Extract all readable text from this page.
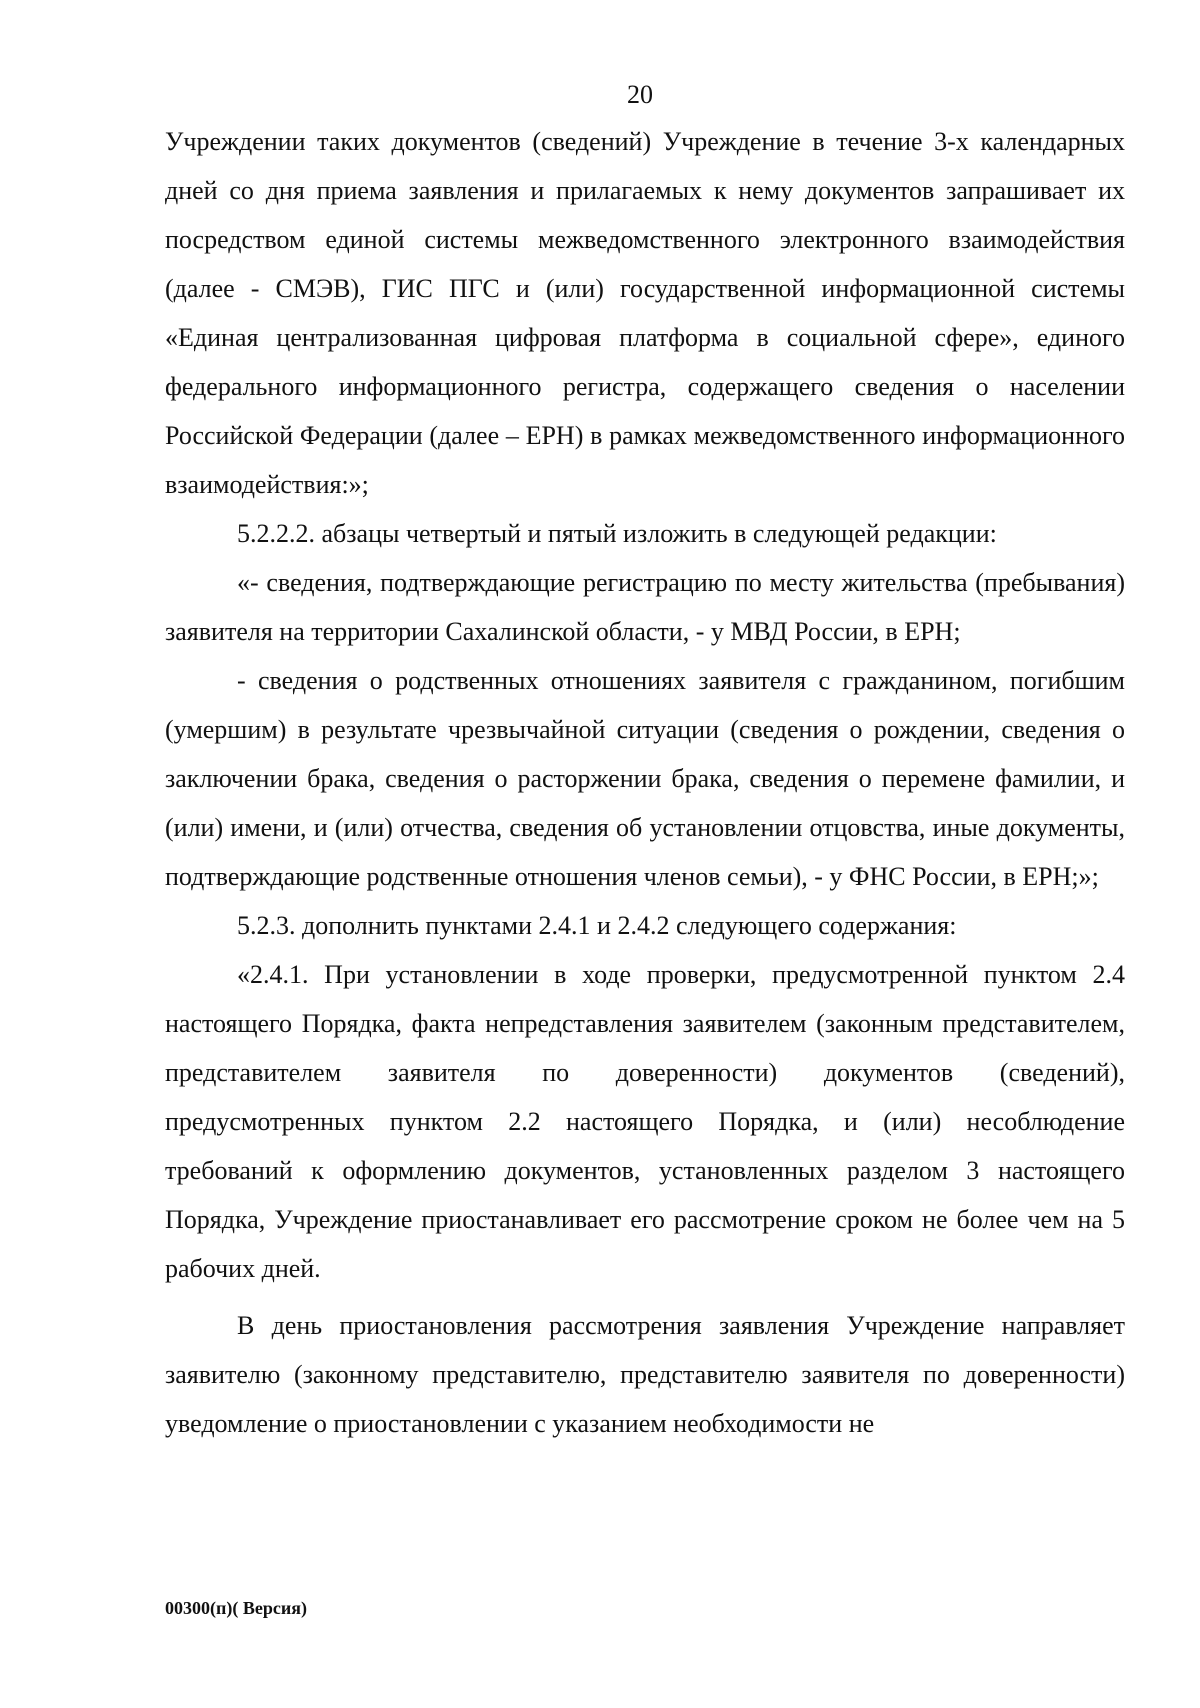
20

Учреждении таких документов (сведений) Учреждение в течение 3-х календарных дней со дня приема заявления и прилагаемых к нему документов запрашивает их посредством единой системы межведомственного электронного взаимодействия (далее - СМЭВ), ГИС ПГС и (или) государственной информационной системы «Единая централизованная цифровая платформа в социальной сфере», единого федерального информационного регистра, содержащего сведения о населении Российской Федерации (далее – ЕРН) в рамках межведомственного информационного взаимодействия:»;

5.2.2.2. абзацы четвертый и пятый изложить в следующей редакции:

«- сведения, подтверждающие регистрацию по месту жительства (пребывания) заявителя на территории Сахалинской области, - у МВД России, в ЕРН;

- сведения о родственных отношениях заявителя с гражданином, погибшим (умершим) в результате чрезвычайной ситуации (сведения о рождении, сведения о заключении брака, сведения о расторжении брака, сведения о перемене фамилии, и (или) имени, и (или) отчества, сведения об установлении отцовства, иные документы, подтверждающие родственные отношения членов семьи), - у ФНС России, в ЕРН;»;

5.2.3. дополнить пунктами 2.4.1 и 2.4.2 следующего содержания:

«2.4.1. При установлении в ходе проверки, предусмотренной пунктом 2.4 настоящего Порядка, факта непредставления заявителем (законным представителем, представителем заявителя по доверенности) документов (сведений), предусмотренных пунктом 2.2 настоящего Порядка, и (или) несоблюдение требований к оформлению документов, установленных разделом 3 настоящего Порядка, Учреждение приостанавливает его рассмотрение сроком не более чем на 5 рабочих дней.

В день приостановления рассмотрения заявления Учреждение направляет заявителю (законному представителю, представителю заявителя по доверенности) уведомление о приостановлении с указанием необходимости не

00300(п)( Версия)
